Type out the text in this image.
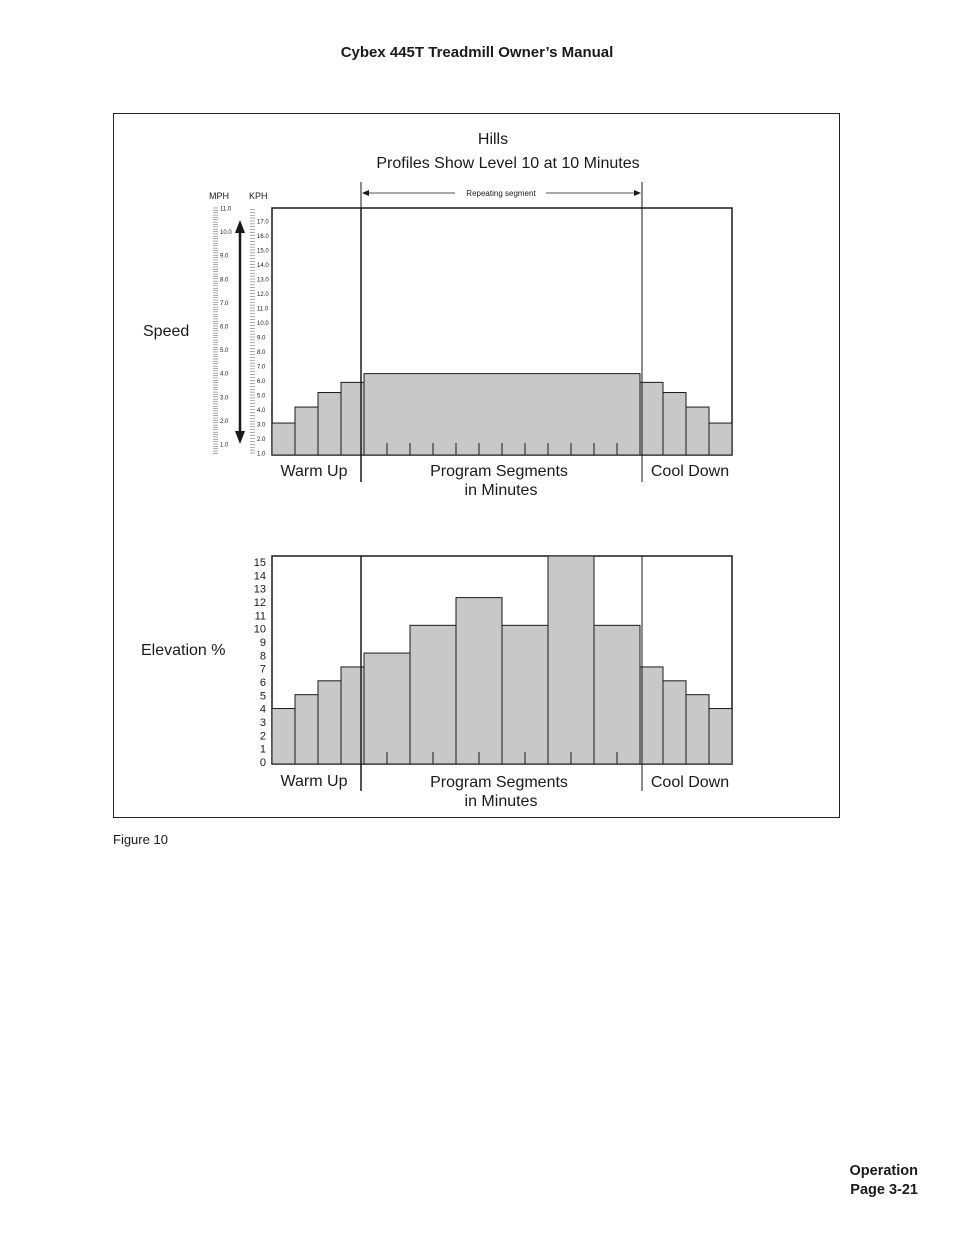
Cybex 445T Treadmill Owner’s Manual
Hills
Profiles Show Level 10 at 10 Minutes
Speed
Elevation %
MPH KPH	Repeating segment
1.0
2.0
3.0
4.0
5.0
6.0
7.0
8.0
9.0
10.0
11.0
1.0
2.0
3.0
4.0
5.0
6.0
7.0
8.0
9.0
10.0
11.0
12.0
13.0
14.0
15.0
16.0
17.0
0
1
2
3
4
5
6
7
8
9
10
11
12
13
14
15
Warm Up	Program Segments
in Minutes
Cool Down
Warm Up	Program Segments
in Minutes
Cool Down
Figure 10
Operation
Page 3-21
